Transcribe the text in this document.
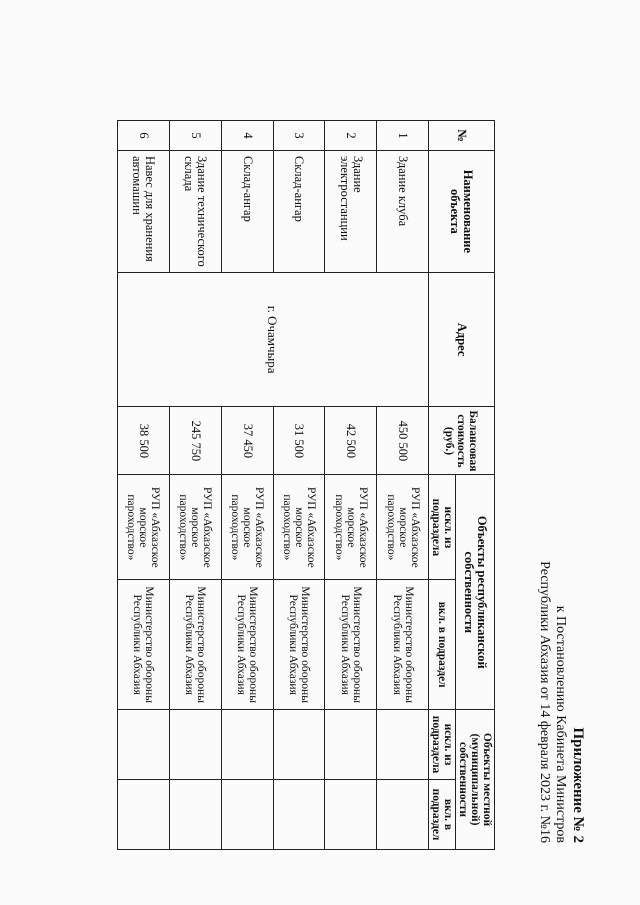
Приложение № 2
к Постановлению Кабинета Министров
Республики Абхазия от 14 февраля 2023 г. №16
№	Наименование объекта	Адрес	Балансовая стоимость (руб.)	Объекты республиканской собственности		Объекты местной (муниципальной) собственности	
				искл. из подраздела	вкл. в подраздел	искл. из подраздела	вкл. в подраздел
1	Здание клуба	г. Очамчыра	450 500	РУП «Абхазское морское пароходство»	Министерство обороны Республики Абхазия		
2	Здание электростанции		42 500	РУП «Абхазское морское пароходство»	Министерство обороны Республики Абхазия		
3	Склад-ангар		31 500	РУП «Абхазское морское пароходство»	Министерство обороны Республики Абхазия		
4	Склад-ангар		37 450	РУП «Абхазское морское пароходство»	Министерство обороны Республики Абхазия		
5	Здание технического склада		245 750	РУП «Абхазское морское пароходство»	Министерство обороны Республики Абхазия		
6	Навес для хранения автомашин		38 500	РУП «Абхазское морское пароходство»	Министерство обороны Республики Абхазия		
